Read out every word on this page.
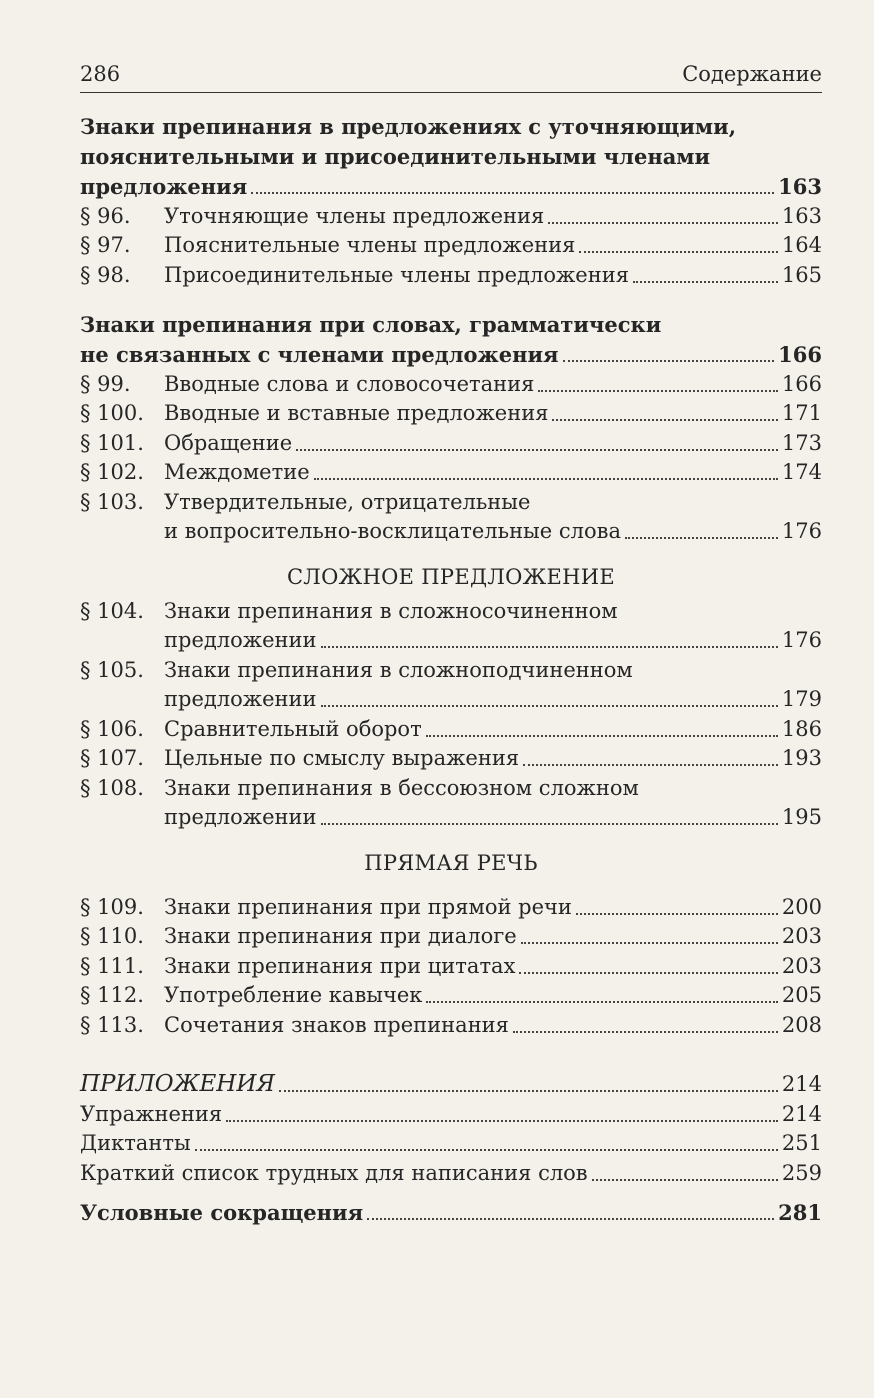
286	Содержание
Знаки препинания в предложениях с уточняющими,
пояснительными и присоединительными членами
предложения	163
§ 96.	Уточняющие члены предложения	163
§ 97.	Пояснительные члены предложения	164
§ 98.	Присоединительные члены предложения	165
Знаки препинания при словах, грамматически
не связанных с членами предложения	166
§ 99.	Вводные слова и словосочетания	166
§ 100. Вводные и вставные предложения	171
§ 101. Обращение	173
§ 102. Междометие	174
§ 103. Утвердительные, отрицательные
и вопросительно-восклицательные слова	176
СЛОЖНОЕ ПРЕДЛОЖЕНИЕ
§ 104. Знаки препинания в сложносочиненном
предложении	176
§ 105. Знаки препинания в сложноподчиненном
предложении	179
§ 106. Сравнительный оборот	186
§ 107. Цельные по смыслу выражения	193
§ 108. Знаки препинания в бессоюзном сложном
предложении	195
ПРЯМАЯ РЕЧЬ
§ 109. Знаки препинания при прямой речи	200
§ 110. Знаки препинания при диалоге	203
§ 111. Знаки препинания при цитатах	203
§ 112. Употребление кавычек	205
§ 113. Сочетания знаков препинания	208
ПРИЛОЖЕНИЯ	214
Упражнения	214
Диктанты	251
Краткий список трудных для написания слов	259
Условные сокращения	281
